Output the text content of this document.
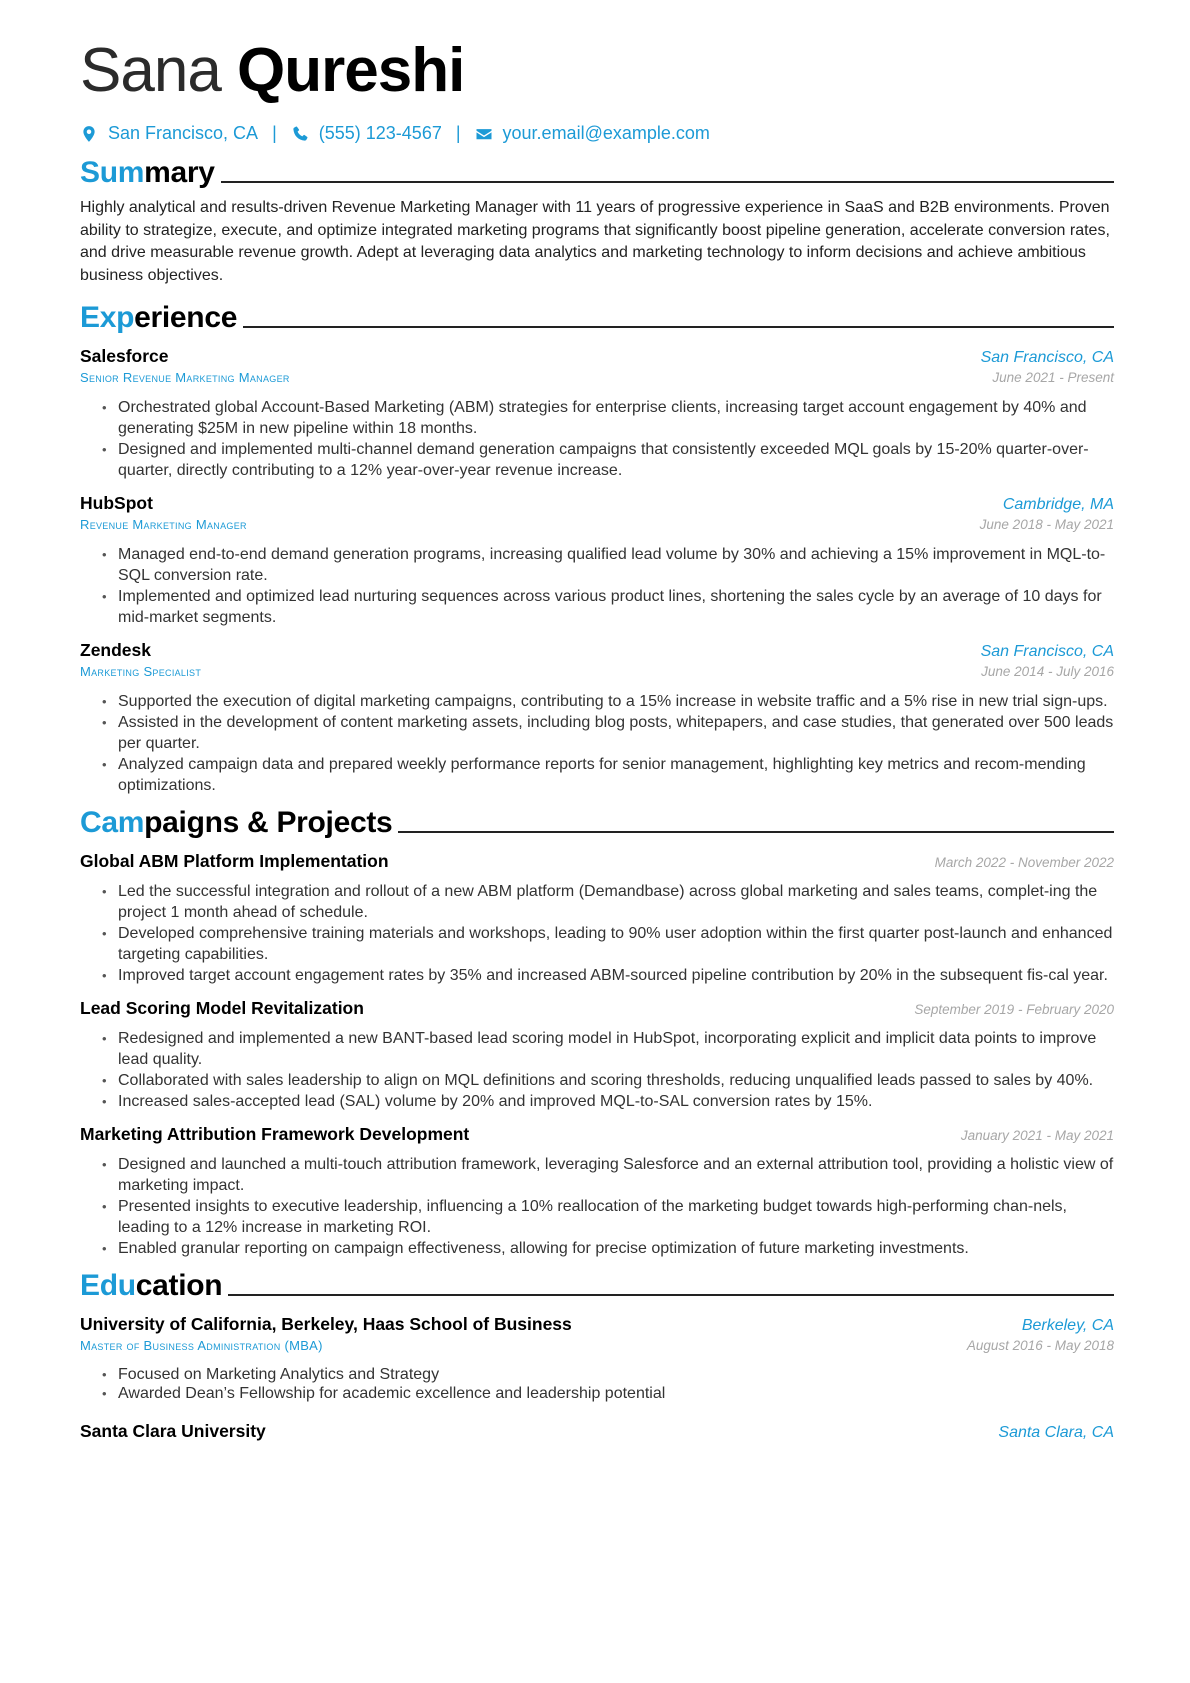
Sana Qureshi
San Francisco, CA | (555) 123-4567 | your.email@example.com
Summary

Highly analytical and results-driven Revenue Marketing Manager with 11 years of progressive experience in SaaS and B2B environments. Proven ability to strategize, execute, and optimize integrated marketing programs that significantly boost pipeline generation, accelerate conversion rates, and drive measurable revenue growth. Adept at leveraging data analytics and marketing technology to inform decisions and achieve ambitious business objectives.

Experience
Salesforce	San Francisco, CA
Senior Revenue Marketing Manager	June 2021 - Present
• Orchestrated global Account-Based Marketing (ABM) strategies for enterprise clients, increasing target account engagement by 40% and generating $25M in new pipeline within 18 months.
• Designed and implemented multi-channel demand generation campaigns that consistently exceeded MQL goals by 15-20% quarter-over-quarter, directly contributing to a 12% year-over-year revenue increase.
HubSpot	Cambridge, MA
Revenue Marketing Manager	June 2018 - May 2021
• Managed end-to-end demand generation programs, increasing qualified lead volume by 30% and achieving a 15% improvement in MQL-to-SQL conversion rate.
• Implemented and optimized lead nurturing sequences across various product lines, shortening the sales cycle by an average of 10 days for mid-market segments.
Zendesk	San Francisco, CA
Marketing Specialist	June 2014 - July 2016
• Supported the execution of digital marketing campaigns, contributing to a 15% increase in website traffic and a 5% rise in new trial sign-ups.
• Assisted in the development of content marketing assets, including blog posts, whitepapers, and case studies, that generated over 500 leads per quarter.
• Analyzed campaign data and prepared weekly performance reports for senior management, highlighting key metrics and recom-mending optimizations.
Campaigns & Projects
Global ABM Platform Implementation	March 2022 - November 2022
• Led the successful integration and rollout of a new ABM platform (Demandbase) across global marketing and sales teams, complet-ing the project 1 month ahead of schedule.
• Developed comprehensive training materials and workshops, leading to 90% user adoption within the first quarter post-launch and enhanced targeting capabilities.
• Improved target account engagement rates by 35% and increased ABM-sourced pipeline contribution by 20% in the subsequent fis-cal year.
Lead Scoring Model Revitalization	September 2019 - February 2020
• Redesigned and implemented a new BANT-based lead scoring model in HubSpot, incorporating explicit and implicit data points to improve lead quality.
• Collaborated with sales leadership to align on MQL definitions and scoring thresholds, reducing unqualified leads passed to sales by 40%.
• Increased sales-accepted lead (SAL) volume by 20% and improved MQL-to-SAL conversion rates by 15%.
Marketing Attribution Framework Development	January 2021 - May 2021
• Designed and launched a multi-touch attribution framework, leveraging Salesforce and an external attribution tool, providing a holistic view of marketing impact.
• Presented insights to executive leadership, influencing a 10% reallocation of the marketing budget towards high-performing chan-nels, leading to a 12% increase in marketing ROI.
• Enabled granular reporting on campaign effectiveness, allowing for precise optimization of future marketing investments.
Education
University of California, Berkeley, Haas School of Business	Berkeley, CA
Master of Business Administration (MBA)	August 2016 - May 2018
• Focused on Marketing Analytics and Strategy
• Awarded Dean’s Fellowship for academic excellence and leadership potential
Santa Clara University	Santa Clara, CA
